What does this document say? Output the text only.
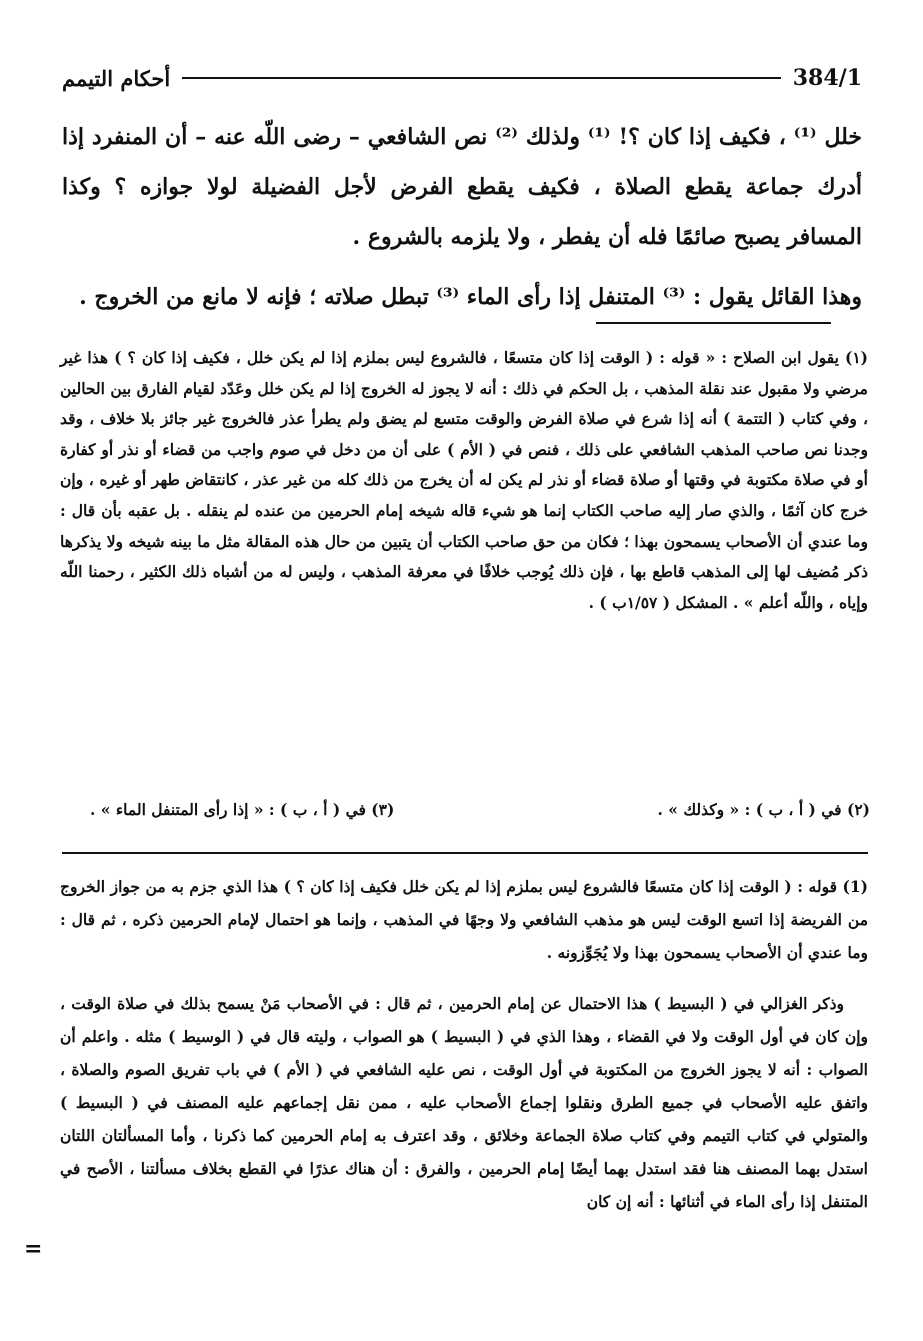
أحكام التيمم	384/1

خلل ⁽¹⁾ ، فكيف إذا كان ؟! ⁽¹⁾ ولذلك ⁽²⁾ نص الشافعي – رضى اللّه عنه – أن المنفرد إذا أدرك جماعة يقطع الصلاة ، فكيف يقطع الفرض لأجل الفضيلة لولا جوازه ؟ وكذا المسافر يصبح صائمًا فله أن يفطر ، ولا يلزمه بالشروع .

وهذا القائل يقول : ⁽³⁾ المتنفل إذا رأى الماء ⁽³⁾ تبطل صلاته ؛ فإنه لا مانع من الخروج .

(١) يقول ابن الصلاح : « قوله : ( الوقت إذا كان متسعًا ، فالشروع ليس بملزم إذا لم يكن خلل ، فكيف إذا كان ؟ ) هذا غير مرضي ولا مقبول عند نقلة المذهب ، بل الحكم في ذلك : أنه لا يجوز له الخروج إذا لم يكن خلل وعَدّد لقيام الفارق بين الحالين ، وفي كتاب ( التتمة ) أنه إذا شرع في صلاة الفرض والوقت متسع لم يضق ولم يطرأ عذر فالخروج غير جائز بلا خلاف ، وقد وجدنا نص صاحب المذهب الشافعي على ذلك ، فنص في ( الأم ) على أن من دخل في صوم واجب من قضاء أو نذر أو كفارة أو في صلاة مكتوبة في وقتها أو صلاة قضاء أو نذر لم يكن له أن يخرج من ذلك كله من غير عذر ، كانتقاض طهر أو غيره ، وإن خرج كان آثمًا ، والذي صار إليه صاحب الكتاب إنما هو شيء قاله شيخه إمام الحرمين من عنده لم ينقله . بل عقبه بأن قال : وما عندي أن الأصحاب يسمحون بهذا ؛ فكان من حق صاحب الكتاب أن يتبين من حال هذه المقالة مثل ما بينه شيخه ولا يذكرها ذكر مُضيف لها إلى المذهب قاطع بها ، فإن ذلك يُوجب خلافًا في معرفة المذهب ، وليس له من أشباه ذلك الكثير ، رحمنا اللّه وإياه ، واللّه أعلم » . المشكل ( ١/٥٧ب ) .

(٢) في ( أ ، ب ) : « وكذلك » .
(٣) في ( أ ، ب ) : « إذا رأى المتنفل الماء » .

(1) قوله : ( الوقت إذا كان متسعًا فالشروع ليس بملزم إذا لم يكن خلل فكيف إذا كان ؟ ) هذا الذي جزم به من جواز الخروج من الفريضة إذا اتسع الوقت ليس هو مذهب الشافعي ولا وجهًا في المذهب ، وإنما هو احتمال لإمام الحرمين ذكره ، ثم قال : وما عندي أن الأصحاب يسمحون بهذا ولا يُجَوِّزونه .

وذكر الغزالي في ( البسيط ) هذا الاحتمال عن إمام الحرمين ، ثم قال : في الأصحاب مَنْ يسمح بذلك في صلاة الوقت ، وإن كان في أول الوقت ولا في القضاء ، وهذا الذي في ( البسيط ) هو الصواب ، وليته قال في ( الوسيط ) مثله . واعلم أن الصواب : أنه لا يجوز الخروج من المكتوبة في أول الوقت ، نص عليه الشافعي في ( الأم ) في باب تفريق الصوم والصلاة ، واتفق عليه الأصحاب في جميع الطرق ونقلوا إجماع الأصحاب عليه ، ممن نقل إجماعهم عليه المصنف في ( البسيط ) والمتولي في كتاب التيمم وفي كتاب صلاة الجماعة وخلائق ، وقد اعترف به إمام الحرمين كما ذكرنا ، وأما المسألتان اللتان استدل بهما المصنف هنا فقد استدل بهما أيضًا إمام الحرمين ، والفرق : أن هناك عذرًا في القطع بخلاف مسألتنا ، الأصح في المتنفل إذا رأى الماء في أثنائها : أنه إن كان

=
